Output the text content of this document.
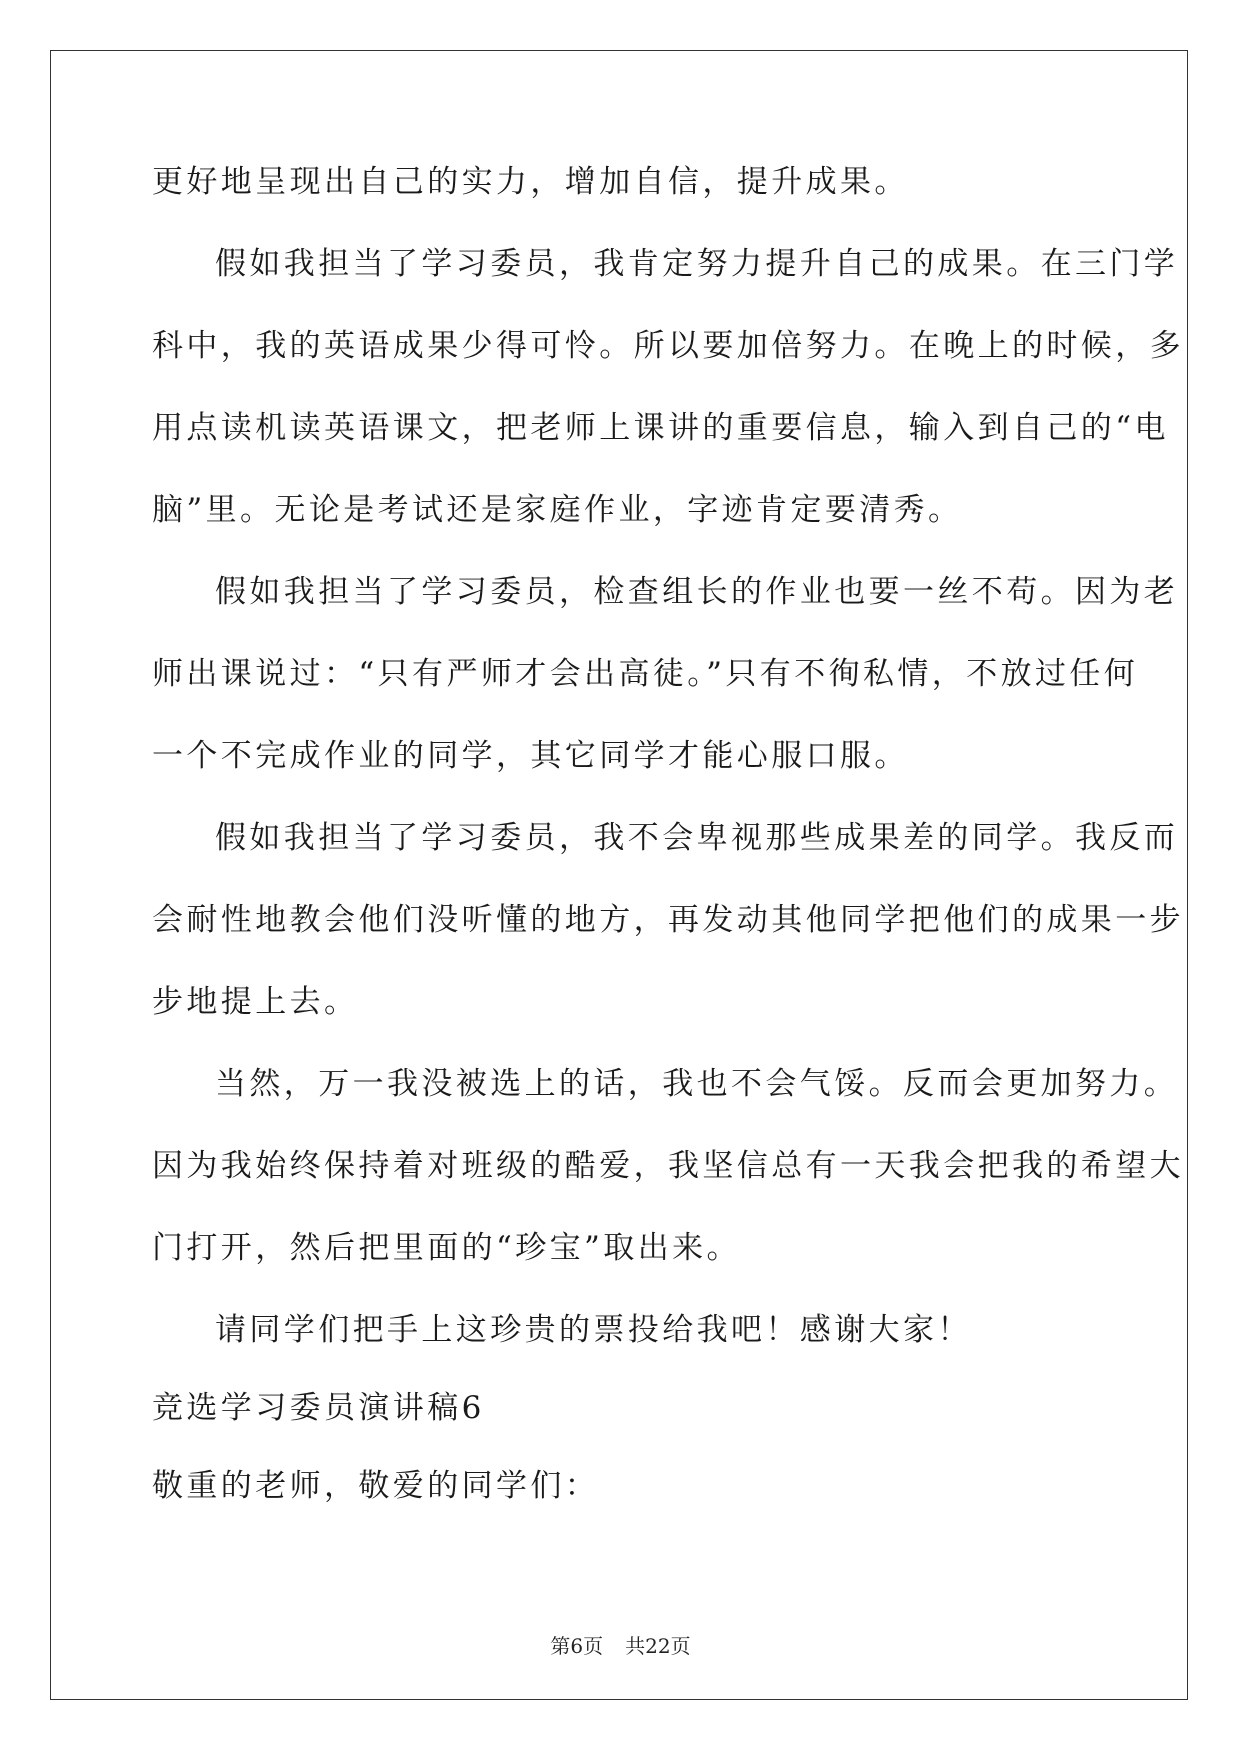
更好地呈现出自己的实力，增加自信，提升成果。
假如我担当了学习委员，我肯定努力提升自己的成果。在三门学
科中，我的英语成果少得可怜。所以要加倍努力。在晚上的时候，多
用点读机读英语课文，把老师上课讲的重要信息，输入到自己的“电
脑”里。无论是考试还是家庭作业，字迹肯定要清秀。
假如我担当了学习委员，检查组长的作业也要一丝不苟。因为老
师出课说过：“只有严师才会出高徒。”只有不徇私情，不放过任何
一个不完成作业的同学，其它同学才能心服口服。
假如我担当了学习委员，我不会卑视那些成果差的同学。我反而
会耐性地教会他们没听懂的地方，再发动其他同学把他们的成果一步
步地提上去。
当然，万一我没被选上的话，我也不会气馁。反而会更加努力。
因为我始终保持着对班级的酷爱，我坚信总有一天我会把我的希望大
门打开，然后把里面的“珍宝”取出来。
请同学们把手上这珍贵的票投给我吧！感谢大家！
竞选学习委员演讲稿6
敬重的老师，敬爱的同学们：
第6页 共22页
